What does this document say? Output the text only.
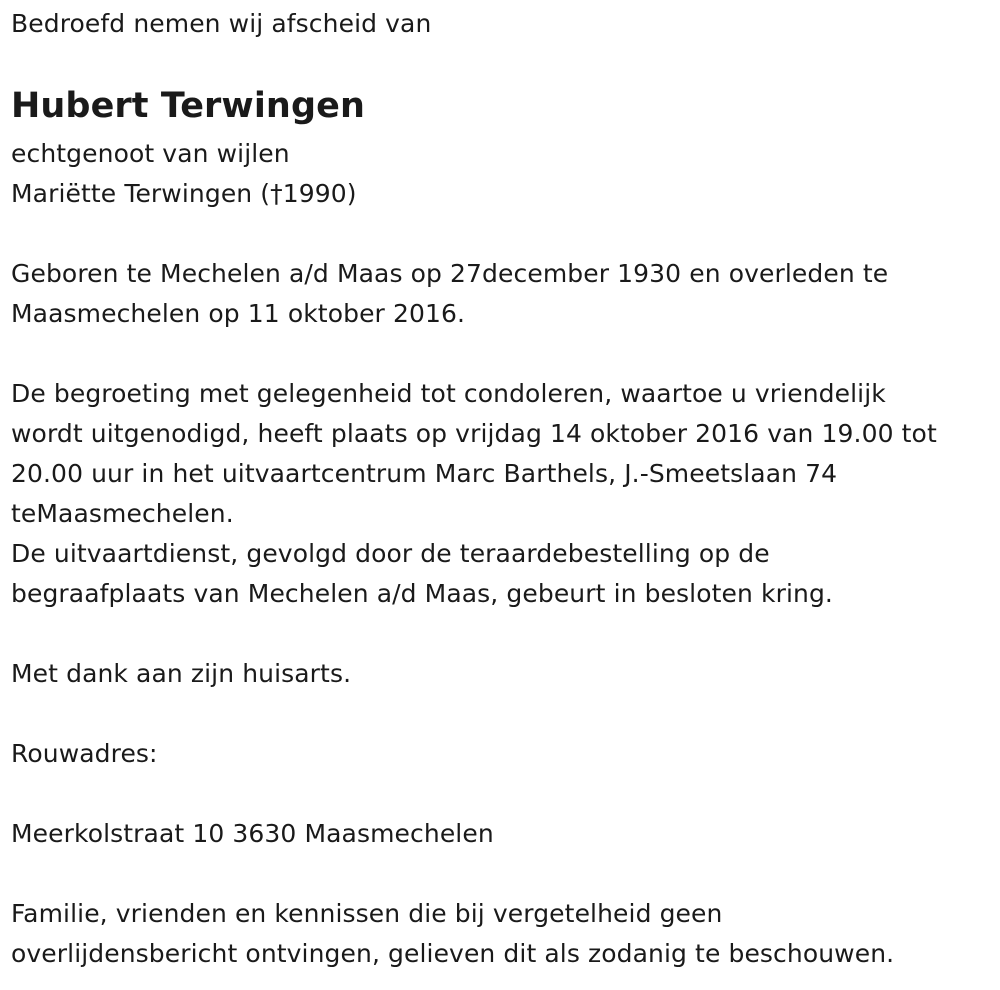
Bedroefd nemen wij afscheid van
Hubert Terwingen
echtgenoot van wijlen
Mariëtte Terwingen (†1990)
Geboren te Mechelen a/d Maas op 27december 1930 en overleden te
Maasmechelen op 11 oktober 2016.
De begroeting met gelegenheid tot condoleren, waartoe u vriendelijk
wordt uitgenodigd, heeft plaats op vrijdag 14 oktober 2016 van 19.00 tot
20.00 uur in het uitvaartcentrum Marc Barthels, J.-Smeetslaan 74
teMaasmechelen.
De uitvaartdienst, gevolgd door de teraardebestelling op de
begraafplaats van Mechelen a/d Maas, gebeurt in besloten kring.
Met dank aan zijn huisarts.
Rouwadres:
Meerkolstraat 10 3630 Maasmechelen
Familie, vrienden en kennissen die bij vergetelheid geen
overlijdensbericht ontvingen, gelieven dit als zodanig te beschouwen.
